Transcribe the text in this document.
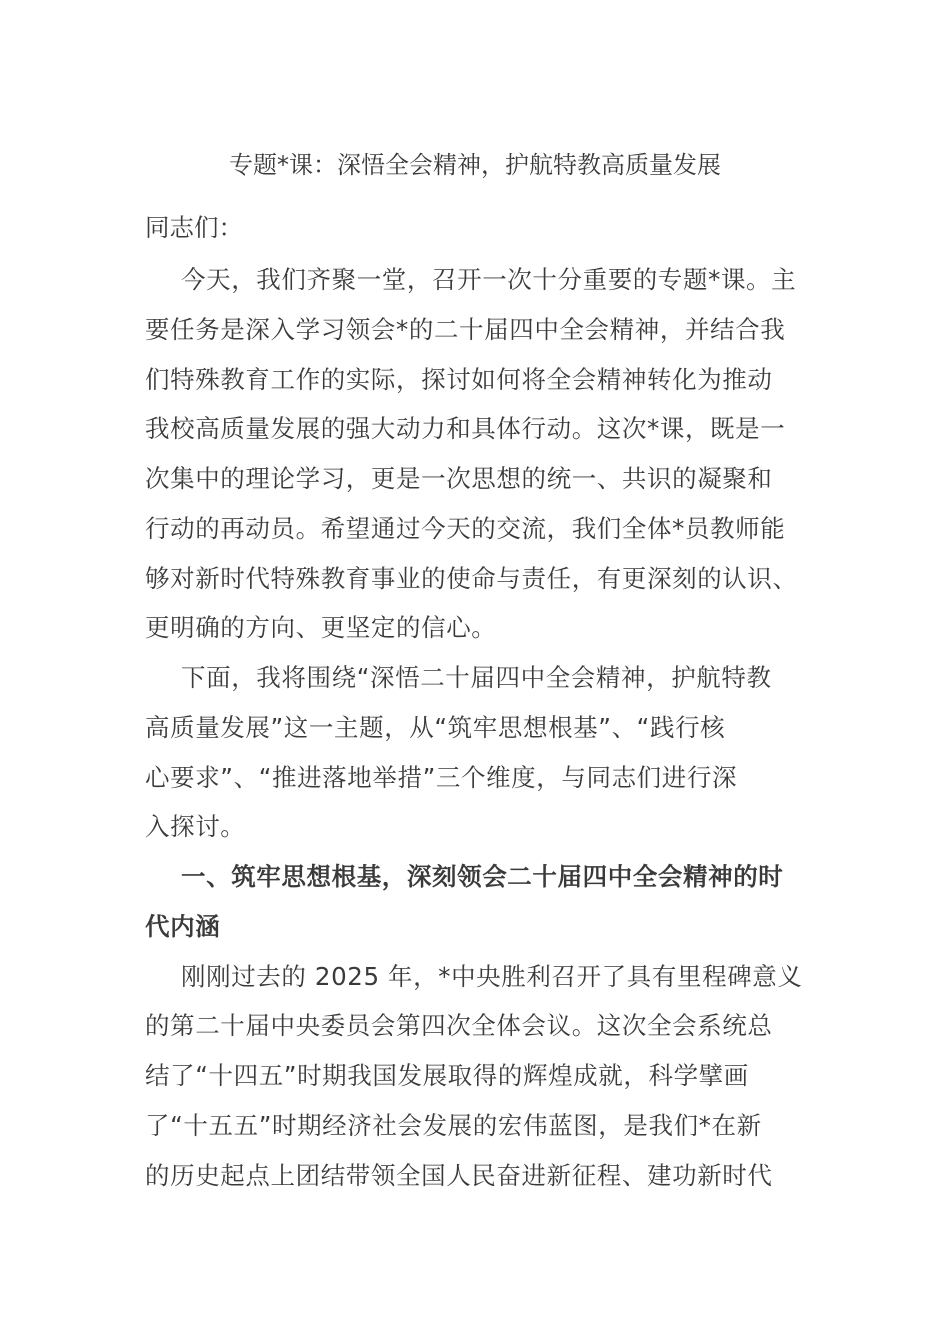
专题*课：深悟全会精神，护航特教高质量发展
同志们：
今天，我们齐聚一堂，召开一次十分重要的专题*课。主
要任务是深入学习领会*的二十届四中全会精神，并结合我
们特殊教育工作的实际，探讨如何将全会精神转化为推动
我校高质量发展的强大动力和具体行动。这次*课，既是一
次集中的理论学习，更是一次思想的统一、共识的凝聚和
行动的再动员。希望通过今天的交流，我们全体*员教师能
够对新时代特殊教育事业的使命与责任，有更深刻的认识、
更明确的方向、更坚定的信心。
下面，我将围绕“深悟二十届四中全会精神，护航特教
高质量发展”这一主题，从“筑牢思想根基”、“践行核
心要求”、“推进落地举措”三个维度，与同志们进行深
入探讨。
一、筑牢思想根基，深刻领会二十届四中全会精神的时
代内涵
刚刚过去的 2025 年，*中央胜利召开了具有里程碑意义
的第二十届中央委员会第四次全体会议。这次全会系统总
结了“十四五”时期我国发展取得的辉煌成就，科学擘画
了“十五五”时期经济社会发展的宏伟蓝图，是我们*在新
的历史起点上团结带领全国人民奋进新征程、建功新时代
